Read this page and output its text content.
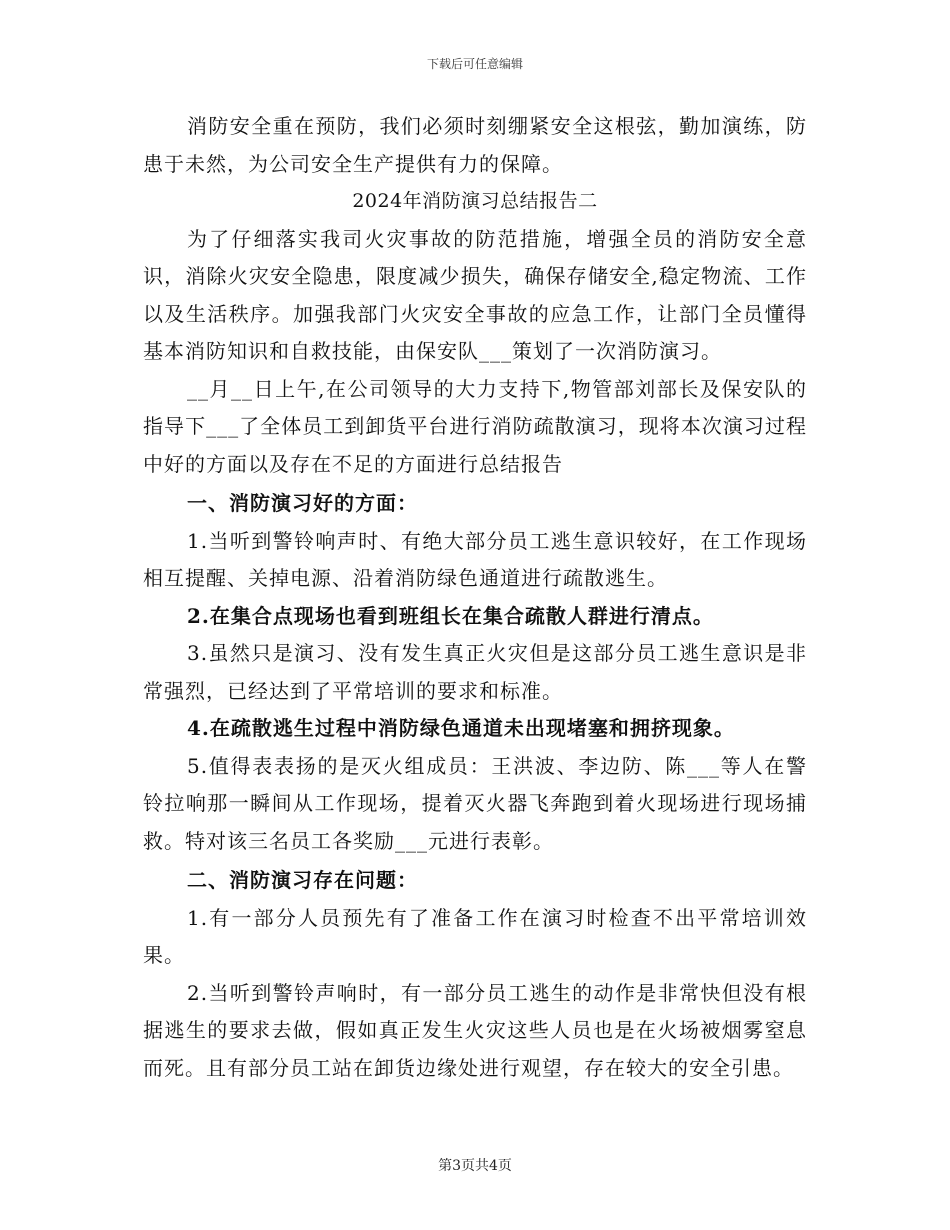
下载后可任意编辑

消防安全重在预防，我们必须时刻绷紧安全这根弦，勤加演练，防患于未然，为公司安全生产提供有力的保障。

2024年消防演习总结报告二

为了仔细落实我司火灾事故的防范措施，增强全员的消防安全意识，消除火灾安全隐患，限度减少损失，确保存储安全,稳定物流、工作以及生活秩序。加强我部门火灾安全事故的应急工作，让部门全员懂得基本消防知识和自救技能，由保安队___策划了一次消防演习。

__月__日上午,在公司领导的大力支持下,物管部刘部长及保安队的指导下___了全体员工到卸货平台进行消防疏散演习，现将本次演习过程中好的方面以及存在不足的方面进行总结报告

一、消防演习好的方面：

1.当听到警铃响声时、有绝大部分员工逃生意识较好，在工作现场相互提醒、关掉电源、沿着消防绿色通道进行疏散逃生。

2.在集合点现场也看到班组长在集合疏散人群进行清点。

3.虽然只是演习、没有发生真正火灾但是这部分员工逃生意识是非常强烈，已经达到了平常培训的要求和标准。

4.在疏散逃生过程中消防绿色通道未出现堵塞和拥挤现象。

5.值得表表扬的是灭火组成员：王洪波、李边防、陈___等人在警铃拉响那一瞬间从工作现场，提着灭火器飞奔跑到着火现场进行现场捕救。特对该三名员工各奖励___元进行表彰。

二、消防演习存在问题：

1.有一部分人员预先有了准备工作在演习时检查不出平常培训效果。

2.当听到警铃声响时，有一部分员工逃生的动作是非常快但没有根据逃生的要求去做，假如真正发生火灾这些人员也是在火场被烟雾窒息而死。且有部分员工站在卸货边缘处进行观望，存在较大的安全引患。

第3页共4页
